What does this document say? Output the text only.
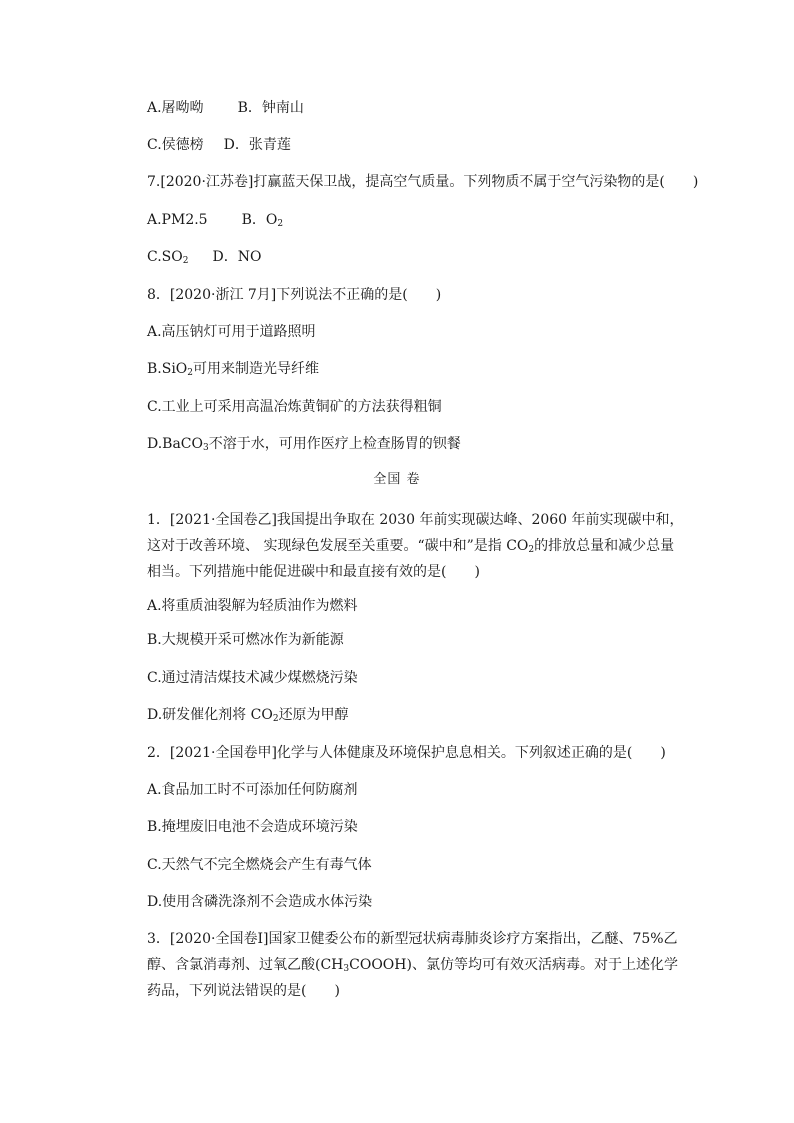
A.屠呦呦 B．钟南山
C.侯德榜 D．张青莲
7.[2020·江苏卷]打赢蓝天保卫战，提高空气质量。下列物质不属于空气污染物的是(　　)
A.PM2.5 B．$O_2$
$C.SO_2$ D．NO
8．[2020·浙江 7月]下列说法不正确的是(　　)
A.高压钠灯可用于道路照明
B.SiO$_2$可用来制造光导纤维
C.工业上可采用高温冶炼黄铜矿的方法获得粗铜
D.BaCO$_3$不溶于水，可用作医疗上检查肠胃的钡餐
全国 卷
1．[2021·全国卷乙]我国提出争取在 2030 年前实现碳达峰、2060 年前实现碳中和，这对于改善环境、 实现绿色发展至关重要。“碳中和”是指 $CO_2$的排放总量和减少总量相当。下列措施中能促进碳中和最直接有效的是(　　)
A.将重质油裂解为轻质油作为燃料
B.大规模开采可燃冰作为新能源
C.通过清洁煤技术减少煤燃烧污染
D.研发催化剂将 $CO_2$还原为甲醇
2．[2021·全国卷甲]化学与人体健康及环境保护息息相关。下列叙述正确的是(　　)
A.食品加工时不可添加任何防腐剂
B.掩埋废旧电池不会造成环境污染
C.天然气不完全燃烧会产生有毒气体
D.使用含磷洗涤剂不会造成水体污染
3．[2020·全国卷Ⅰ]国家卫健委公布的新型冠状病毒肺炎诊疗方案指出，乙醚、75%乙醇、含氯消毒剂、过氧乙酸$(CH_3COOOH)$、氯仿等均可有效灭活病毒。对于上述化学药品，下列说法错误的是(　　)
